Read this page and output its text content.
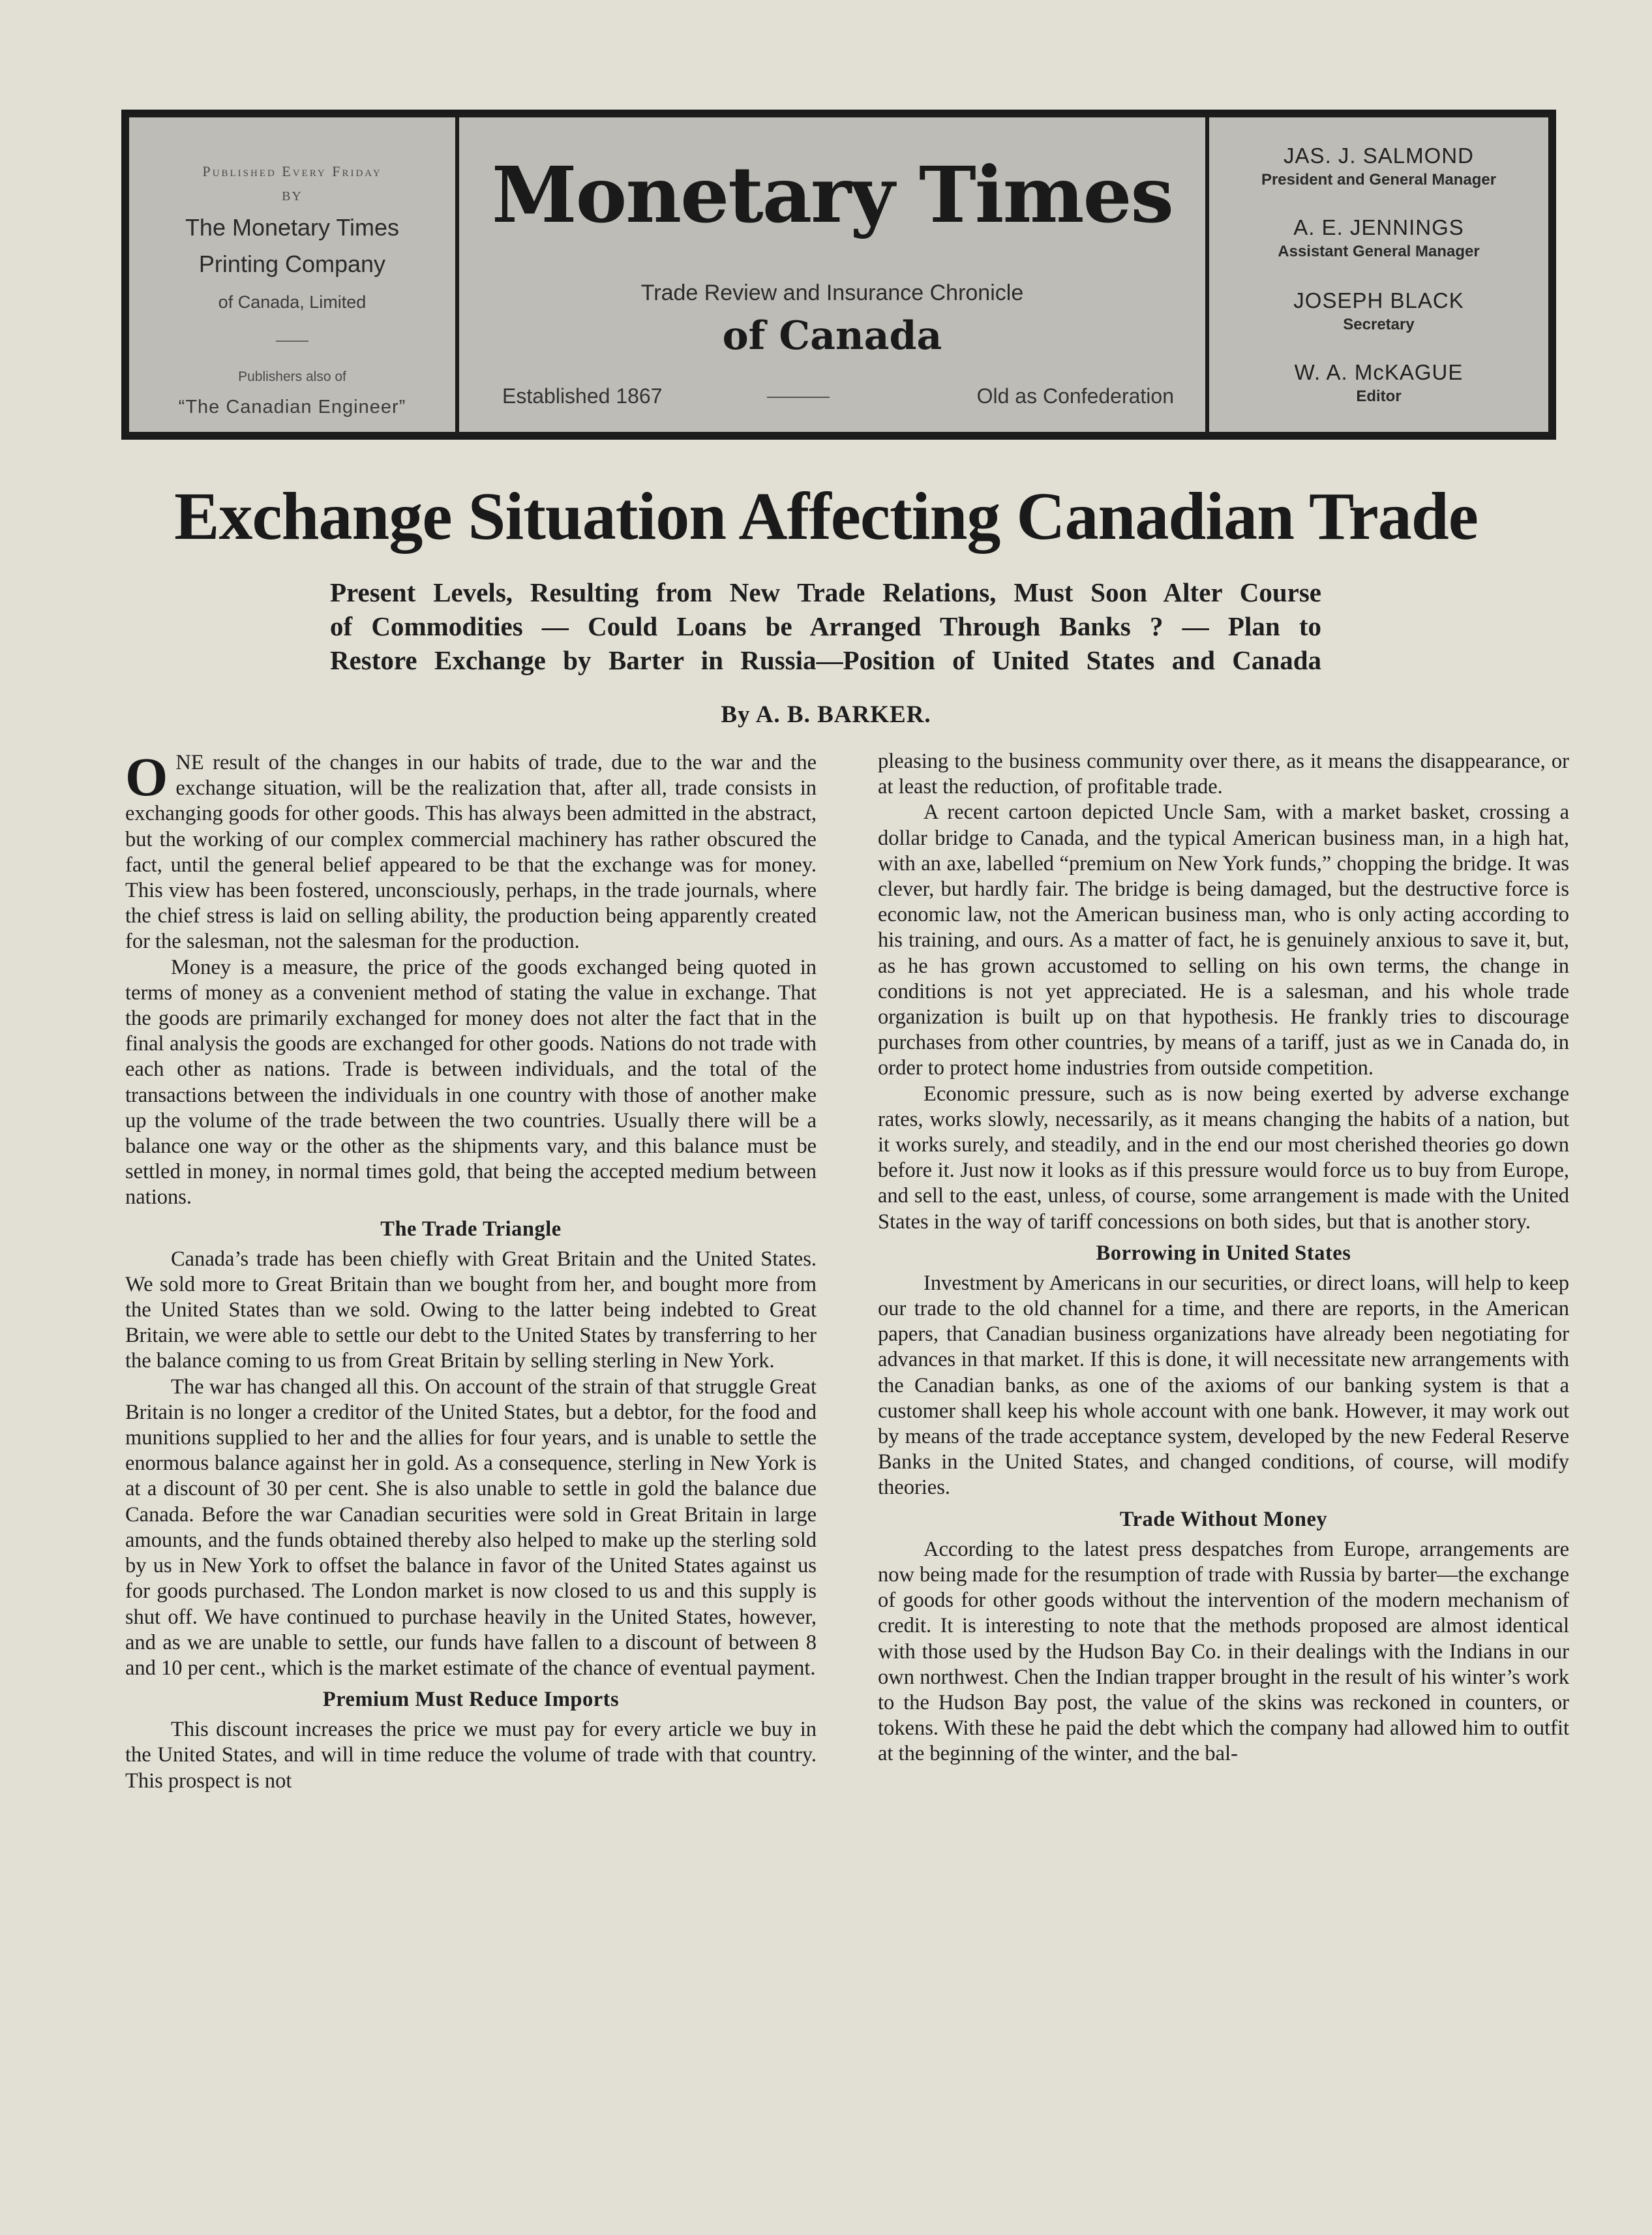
Published Every Friday
BY
The Monetary Times
Printing Company
of Canada, Limited
Publishers also of
“The Canadian Engineer”
Monetary Times
Trade Review and Insurance Chronicle
of Canada
Established 1867	Old as Confederation
JAS. J. SALMOND
President and General Manager
A. E. JENNINGS
Assistant General Manager
JOSEPH BLACK
Secretary
W. A. McKAGUE
Editor
Exchange Situation Affecting Canadian Trade

Present Levels, Resulting from New Trade Relations, Must Soon Alter Course
of Commodities — Could Loans be Arranged Through Banks ? — Plan to
Restore Exchange by Barter in Russia—Position of United States and Canada

By A. B. BARKER.

ONE result of the changes in our habits of trade, due to the war and the exchange situation, will be the realization that, after all, trade consists in exchanging goods for other goods. This has always been admitted in the abstract, but the working of our complex commercial machinery has rather obscured the fact, until the general belief appeared to be that the exchange was for money. This view has been fostered, unconsciously, perhaps, in the trade journals, where the chief stress is laid on selling ability, the production being apparently created for the salesman, not the salesman for the production.

Money is a measure, the price of the goods exchanged being quoted in terms of money as a convenient method of stating the value in exchange. That the goods are primarily exchanged for money does not alter the fact that in the final analysis the goods are exchanged for other goods. Nations do not trade with each other as nations. Trade is between individuals, and the total of the transactions between the individuals in one country with those of another make up the volume of the trade between the two countries. Usually there will be a balance one way or the other as the shipments vary, and this balance must be settled in money, in normal times gold, that being the accepted medium between nations.

The Trade Triangle

Canada’s trade has been chiefly with Great Britain and the United States. We sold more to Great Britain than we bought from her, and bought more from the United States than we sold. Owing to the latter being indebted to Great Britain, we were able to settle our debt to the United States by transferring to her the balance coming to us from Great Britain by selling sterling in New York.

The war has changed all this. On account of the strain of that struggle Great Britain is no longer a creditor of the United States, but a debtor, for the food and munitions supplied to her and the allies for four years, and is unable to settle the enormous balance against her in gold. As a consequence, sterling in New York is at a discount of 30 per cent. She is also unable to settle in gold the balance due Canada. Before the war Canadian securities were sold in Great Britain in large amounts, and the funds obtained thereby also helped to make up the sterling sold by us in New York to offset the balance in favor of the United States against us for goods purchased. The London market is now closed to us and this supply is shut off. We have continued to purchase heavily in the United States, however, and as we are unable to settle, our funds have fallen to a discount of between 8 and 10 per cent., which is the market estimate of the chance of eventual payment.

Premium Must Reduce Imports

This discount increases the price we must pay for every article we buy in the United States, and will in time reduce the volume of trade with that country. This prospect is not

pleasing to the business community over there, as it means the disappearance, or at least the reduction, of profitable trade.

A recent cartoon depicted Uncle Sam, with a market basket, crossing a dollar bridge to Canada, and the typical American business man, in a high hat, with an axe, labelled “premium on New York funds,” chopping the bridge. It was clever, but hardly fair. The bridge is being damaged, but the destructive force is economic law, not the American business man, who is only acting according to his training, and ours. As a matter of fact, he is genuinely anxious to save it, but, as he has grown accustomed to selling on his own terms, the change in conditions is not yet appreciated. He is a salesman, and his whole trade organization is built up on that hypothesis. He frankly tries to discourage purchases from other countries, by means of a tariff, just as we in Canada do, in order to protect home industries from outside competition.

Economic pressure, such as is now being exerted by adverse exchange rates, works slowly, necessarily, as it means changing the habits of a nation, but it works surely, and steadily, and in the end our most cherished theories go down before it. Just now it looks as if this pressure would force us to buy from Europe, and sell to the east, unless, of course, some arrangement is made with the United States in the way of tariff concessions on both sides, but that is another story.

Borrowing in United States

Investment by Americans in our securities, or direct loans, will help to keep our trade to the old channel for a time, and there are reports, in the American papers, that Canadian business organizations have already been negotiating for advances in that market. If this is done, it will necessitate new arrangements with the Canadian banks, as one of the axioms of our banking system is that a customer shall keep his whole account with one bank. However, it may work out by means of the trade acceptance system, developed by the new Federal Reserve Banks in the United States, and changed conditions, of course, will modify theories.

Trade Without Money

According to the latest press despatches from Europe, arrangements are now being made for the resumption of trade with Russia by barter—the exchange of goods for other goods without the intervention of the modern mechanism of credit. It is interesting to note that the methods proposed are almost identical with those used by the Hudson Bay Co. in their dealings with the Indians in our own northwest. Chen the Indian trapper brought in the result of his winter’s work to the Hudson Bay post, the value of the skins was reckoned in counters, or tokens. With these he paid the debt which the company had allowed him to outfit at the beginning of the winter, and the bal-
